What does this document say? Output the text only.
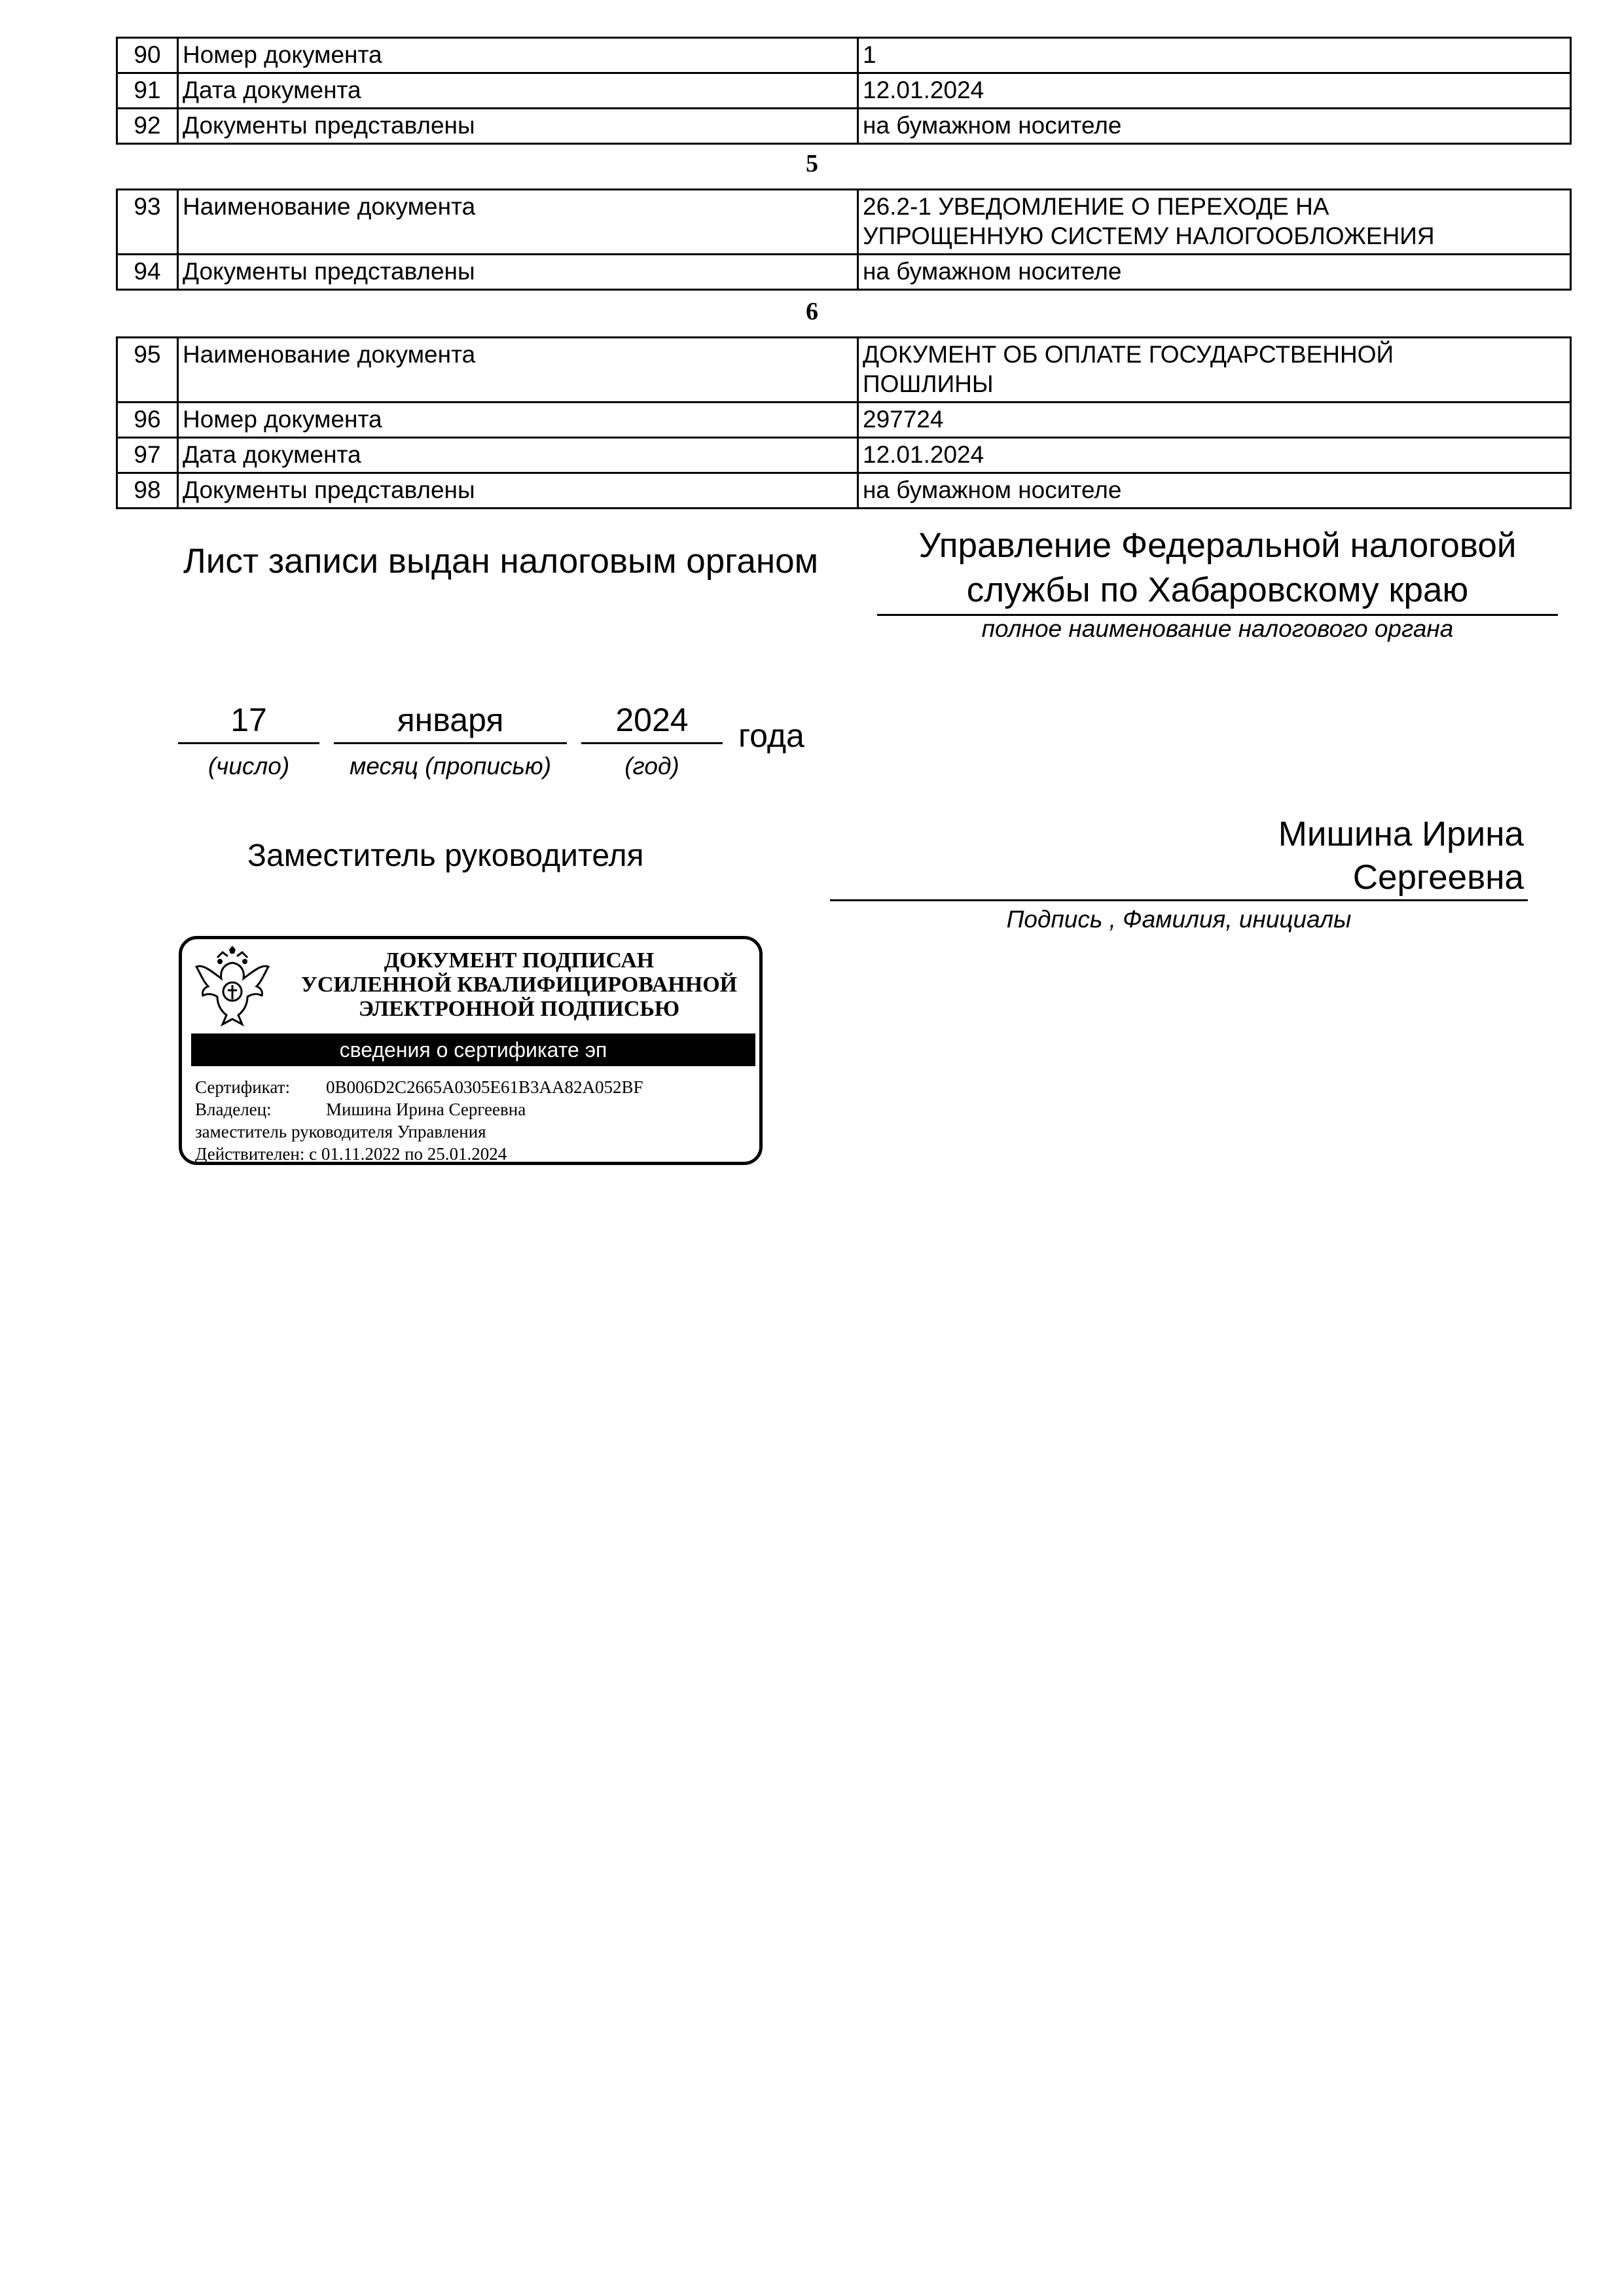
90	Номер документа	1
91	Дата документа	12.01.2024
92	Документы представлены	на бумажном носителе
5
93	Наименование документа	26.2-1 УВЕДОМЛЕНИЕ О ПЕРЕХОДЕ НА
УПРОЩЕННУЮ СИСТЕМУ НАЛОГООБЛОЖЕНИЯ

94	Документы представлены	на бумажном носителе
6
95	Наименование документа	ДОКУМЕНТ ОБ ОПЛАТЕ ГОСУДАРСТВЕННОЙ
ПОШЛИНЫ

96	Номер документа	297724
97	Дата документа	12.01.2024
98	Документы представлены	на бумажном носителе
Лист записи выдан налоговым органом	Управление Федеральной налоговой
службы по Хабаровскому краю
полное наименование налогового органа
17	января	2024	года
(число)	месяц (прописью)	(год)
Заместитель руководителя
Мишина Ирина
Сергеевна
Подпись , Фамилия, инициалы
ДОКУМЕНТ ПОДПИСАН
УСИЛЕННОЙ КВАЛИФИЦИРОВАННОЙ
ЭЛЕКТРОННОЙ ПОДПИСЬЮ
сведения о сертификате эп
Сертификат: 0B006D2C2665A0305E61B3AA82A052BF
Владелец:	Мишина Ирина Сергеевна
заместитель руководителя Управления
Действителен: с 01.11.2022 по 25.01.2024
